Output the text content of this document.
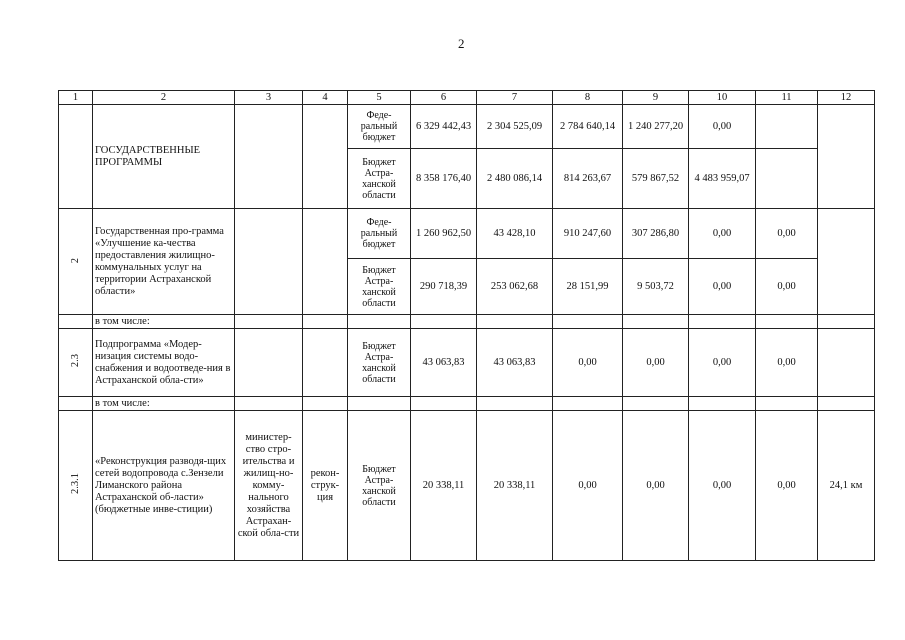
2
1	2	3	4	5	6	7	8	9	10	11	12
	ГОСУДАРСТВЕННЫЕ ПРОГРАММЫ			Феде-ральный бюджет	6 329 442,43	2 304 525,09	2 784 640,14	1 240 277,20	0,00		
				Бюджет Астра-ханской области	8 358 176,40	2 480 086,14	814 263,67	579 867,52	4 483 959,07		
2	Государственная про-грамма «Улучшение ка-чества предоставления жилищно-коммунальных услуг на территории Астраханской области»			Феде-ральный бюджет	1 260 962,50	43 428,10	910 247,60	307 286,80	0,00	0,00	
				Бюджет Астра-ханской области	290 718,39	253 062,68	28 151,99	9 503,72	0,00	0,00	
	в том числе:										
2.3	Подпрограмма «Модер-низация системы водо-снабжения и водоотведе-ния в Астраханской обла-сти»			Бюджет Астра-ханской области	43 063,83	43 063,83	0,00	0,00	0,00	0,00	
	в том числе:										
2.3.1	«Реконструкция разводя-щих сетей водопровода с.Зензели Лиманского района Астраханской об-ласти» (бюджетные инве-стиции)	министер-ство стро-ительства и жилищ-но-комму-нального хозяйства Астрахан-ской обла-сти	рекон-струк-ция	Бюджет Астра-ханской области	20 338,11	20 338,11	0,00	0,00	0,00	0,00	24,1 км
